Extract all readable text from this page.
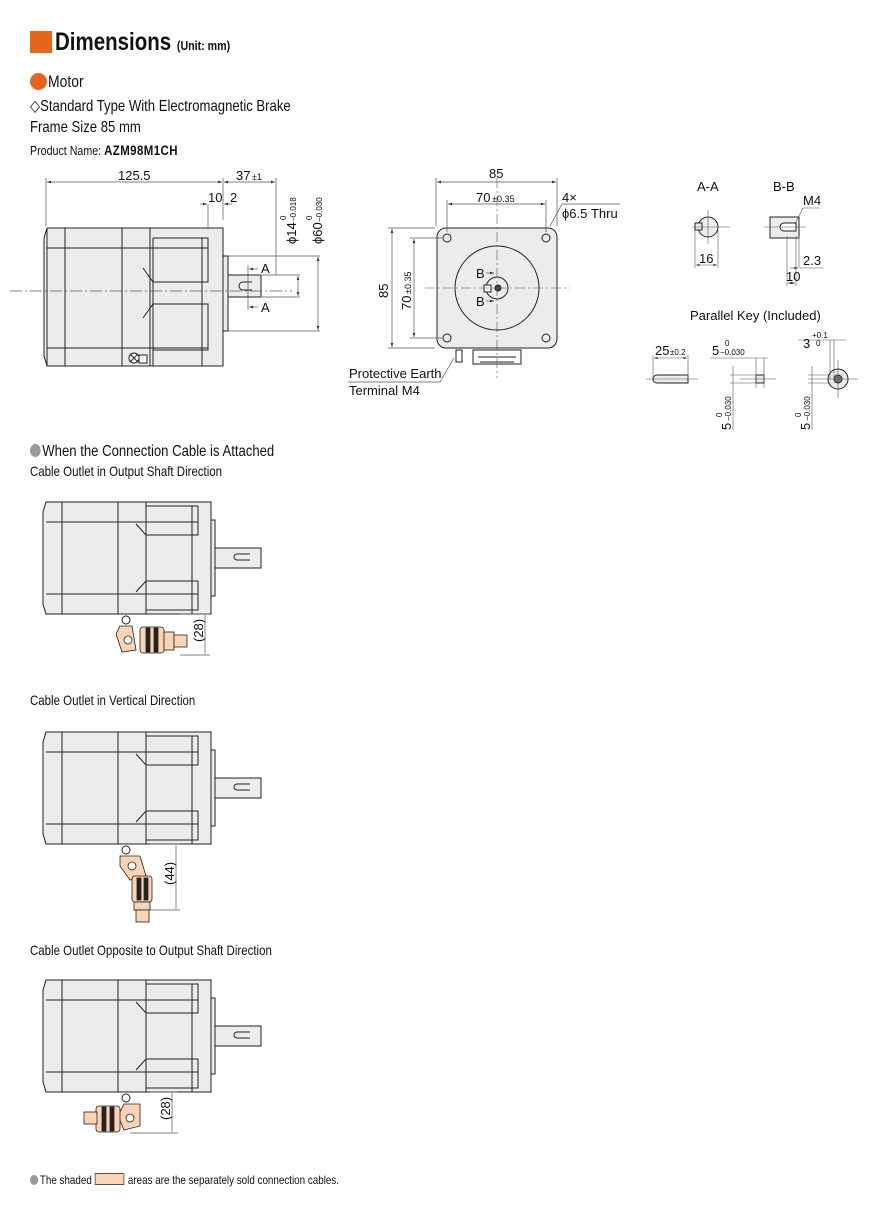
Dimensions (Unit: mm)
Motor
◇Standard Type With Electromagnetic Brake
Frame Size 85 mm
Product Name: AZM98M1CH
125.5	37 ±1
10 2
ϕ14
0 −0.018
ϕ60
0 −0.030
A
A
85
70 ±0.35	4×
ϕ6.5 Thru
85
70
±0.35	B
B
Protective Earth
Terminal M4
A-A
16
B-B
M4
2.3
10
Parallel Key (Included)
25 ±0.2 5 0
−0.030
5
0 −0.030
3
+0.1
0
5
0 −0.030
When the Connection Cable is Attached
Cable Outlet in Output Shaft Direction
Cable Outlet in Vertical Direction
Cable Outlet Opposite to Output Shaft Direction
(28)
(44)
(28)
The shaded	areas are the separately sold connection cables.
